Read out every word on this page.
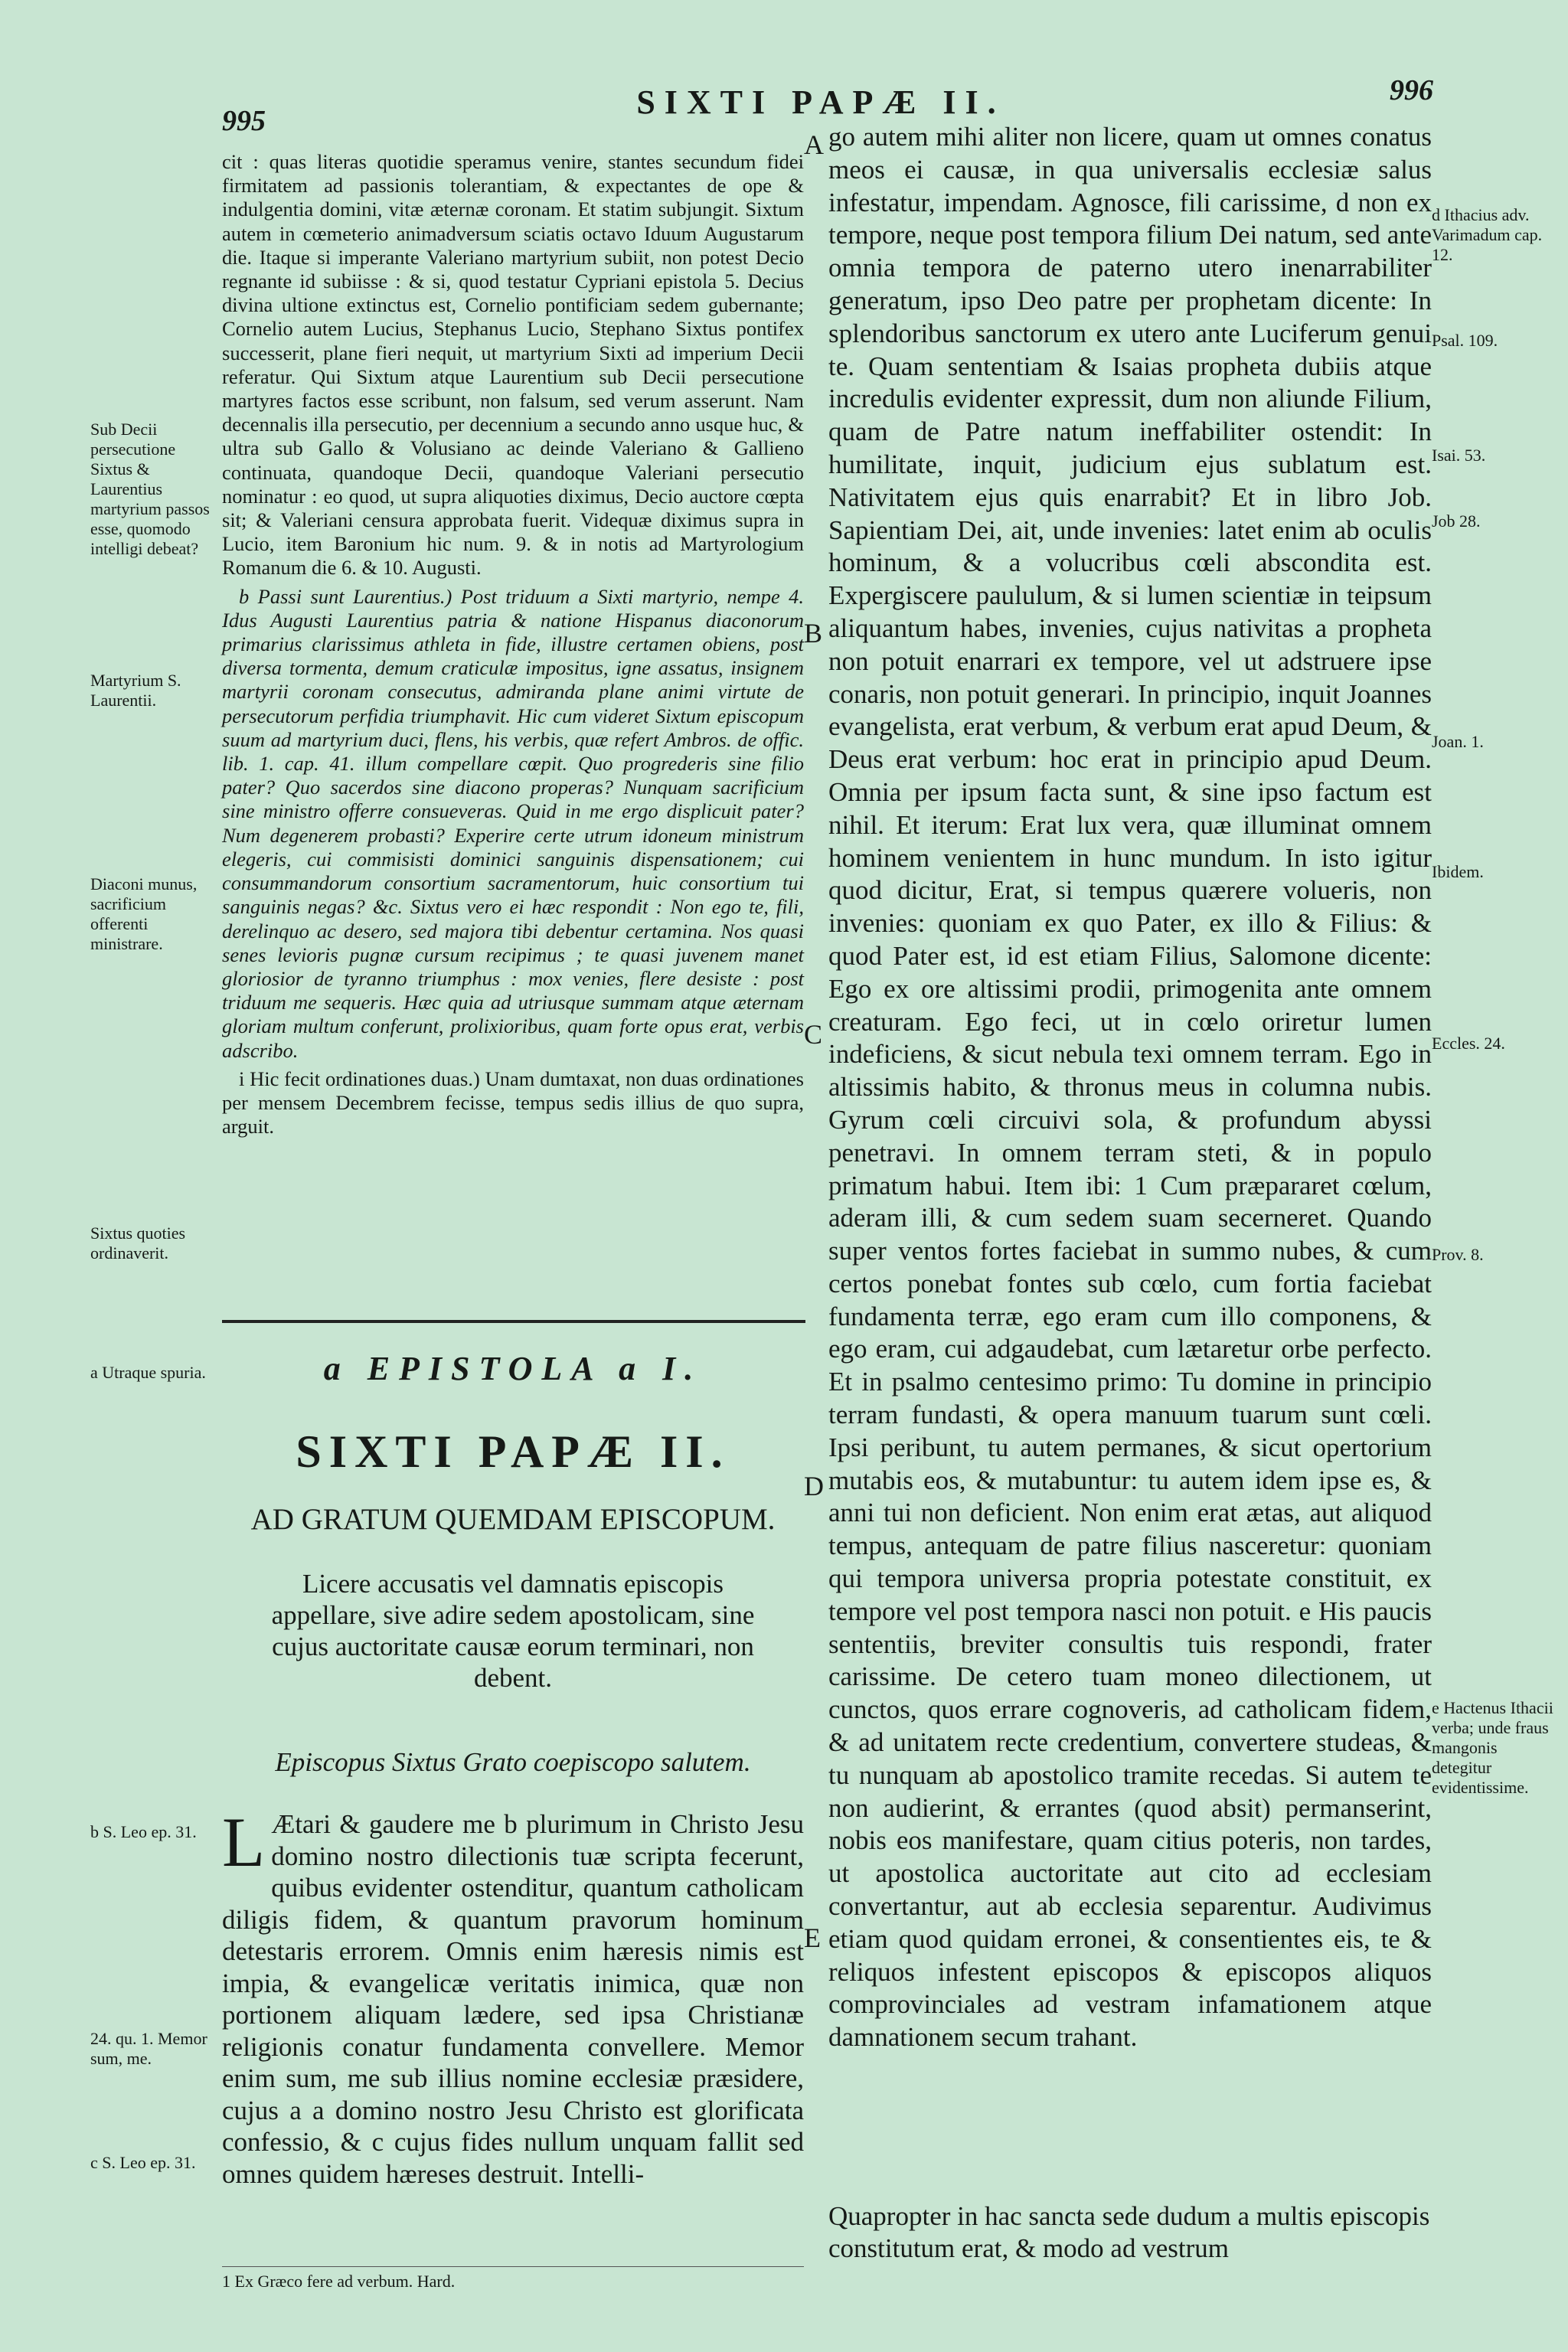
995	SIXTI PAPÆ II.	996

cit : quas literas quotidie speramus venire, stantes secundum fidei firmitatem ad passionis tolerantiam, & expectantes de ope & indulgentia domini, vitæ æternæ coronam. Et statim subjungit. Sixtum autem in cœmeterio animadversum sciatis octavo Iduum Augustarum die. Itaque si imperante Valeriano martyrium subiit, non potest Decio regnante id subiisse : & si, quod testatur Cypriani epistola 5. Decius divina ultione extinctus est, Cornelio pontificiam sedem gubernante; Cornelio autem Lucius, Stephanus Lucio, Stephano Sixtus pontifex successerit, plane fieri nequit, ut martyrium Sixti ad imperium Decii referatur. Qui Sixtum atque Laurentium sub Decii persecutione martyres factos esse scribunt, non falsum, sed verum asserunt. Nam decennalis illa persecutio, per decennium a secundo anno usque huc, & ultra sub Gallo & Volusiano ac deinde Valeriano & Gallieno continuata, quandoque Decii, quandoque Valeriani persecutio nominatur : eo quod, ut supra aliquoties diximus, Decio auctore cœpta sit; & Valeriani censura approbata fuerit. Videquæ diximus supra in Lucio, item Baronium hic num. 9. & in notis ad Martyrologium Romanum die 6. & 10. Augusti.

b Passi sunt Laurentius.) Post triduum a Sixti martyrio, nempe 4. Idus Augusti Laurentius patria & natione Hispanus diaconorum primarius clarissimus athleta in fide, illustre certamen obiens, post diversa tormenta, demum craticulæ impositus, igne assatus, insignem martyrii coronam consecutus, admiranda plane animi virtute de persecutorum perfidia triumphavit. Hic cum videret Sixtum episcopum suum ad martyrium duci, flens, his verbis, quæ refert Ambros. de offic. lib. 1. cap. 41. illum compellare cœpit. Quo progrederis sine filio pater? Quo sacerdos sine diacono properas? Nunquam sacrificium sine ministro offerre consueveras. Quid in me ergo displicuit pater? Num degenerem probasti? Experire certe utrum idoneum ministrum elegeris, cui commisisti dominici sanguinis dispensationem; cui consummandorum consortium sacramentorum, huic consortium tui sanguinis negas? &c. Sixtus vero ei hæc respondit : Non ego te, fili, derelinquo ac desero, sed majora tibi debentur certamina. Nos quasi senes levioris pugnæ cursum recipimus ; te quasi juvenem manet gloriosior de tyranno triumphus : mox venies, flere desiste : post triduum me sequeris. Hæc quia ad utriusque summam atque æternam gloriam multum conferunt, prolixioribus, quam forte opus erat, verbis adscribo.

i Hic fecit ordinationes duas.) Unam dumtaxat, non duas ordinationes per mensem Decembrem fecisse, tempus sedis illius de quo supra, arguit.

Sub Decii persecutione Sixtus & Laurentius martyrium passos esse, quomodo intelligi debeat?
Martyrium S. Laurentii.
Diaconi munus, sacrificium offerenti ministrare.
Sixtus quoties ordinaverit.
a Utraque spuria.
b S. Leo ep. 31.
24. qu. 1. Memor sum, me.
c S. Leo ep. 31.
a EPISTOLA a I.
SIXTI PAPÆ II.
AD GRATUM QUEMDAM EPISCOPUM.
Licere accusatis vel damnatis episcopis appellare, sive adire sedem apostolicam, sine cujus auctoritate causæ eorum terminari, non debent.
Episcopus Sixtus Grato coepiscopo salutem.
L Ætari & gaudere me b plurimum in Christo Jesu domino nostro dilectionis tuæ scripta fecerunt, quibus evidenter ostenditur, quantum catholicam diligis fidem, & quantum pravorum hominum detestaris errorem. Omnis enim hæresis nimis est impia, & evangelicæ veritatis inimica, quæ non portionem aliquam lædere, sed ipsa Christianæ religionis conatur fundamenta convellere. Memor enim sum, me sub illius nomine ecclesiæ præsidere, cujus a a domino nostro Jesu Christo est glorificata confessio, & c cujus fides nullum unquam fallit sed omnes quidem hæreses destruit. Intelli-

A
B
C
D
E

go autem mihi aliter non licere, quam ut omnes conatus meos ei causæ, in qua universalis ecclesiæ salus infestatur, impendam. Agnosce, fili carissime, d non ex tempore, neque post tempora filium Dei natum, sed ante omnia tempora de paterno utero inenarrabiliter generatum, ipso Deo patre per prophetam dicente: In splendoribus sanctorum ex utero ante Luciferum genui te. Quam sententiam & Isaias propheta dubiis atque incredulis evidenter expressit, dum non aliunde Filium, quam de Patre natum ineffabiliter ostendit: In humilitate, inquit, judicium ejus sublatum est. Nativitatem ejus quis enarrabit? Et in libro Job. Sapientiam Dei, ait, unde invenies: latet enim ab oculis hominum, & a volucribus cœli abscondita est. Expergiscere paululum, & si lumen scientiæ in teipsum aliquantum habes, invenies, cujus nativitas a propheta non potuit enarrari ex tempore, vel ut adstruere ipse conaris, non potuit generari. In principio, inquit Joannes evangelista, erat verbum, & verbum erat apud Deum, & Deus erat verbum: hoc erat in principio apud Deum. Omnia per ipsum facta sunt, & sine ipso factum est nihil. Et iterum: Erat lux vera, quæ illuminat omnem hominem venientem in hunc mundum. In isto igitur quod dicitur, Erat, si tempus quærere volueris, non invenies: quoniam ex quo Pater, ex illo & Filius: & quod Pater est, id est etiam Filius, Salomone dicente: Ego ex ore altissimi prodii, primogenita ante omnem creaturam. Ego feci, ut in cœlo oriretur lumen indeficiens, & sicut nebula texi omnem terram. Ego in altissimis habito, & thronus meus in columna nubis. Gyrum cœli circuivi sola, & profundum abyssi penetravi. In omnem terram steti, & in populo primatum habui. Item ibi: 1 Cum præpararet cœlum, aderam illi, & cum sedem suam secerneret. Quando super ventos fortes faciebat in summo nubes, & cum certos ponebat fontes sub cœlo, cum fortia faciebat fundamenta terræ, ego eram cum illo componens, & ego eram, cui adgaudebat, cum lætaretur orbe perfecto. Et in psalmo centesimo primo: Tu domine in principio terram fundasti, & opera manuum tuarum sunt cœli. Ipsi peribunt, tu autem permanes, & sicut opertorium mutabis eos, & mutabuntur: tu autem idem ipse es, & anni tui non deficient. Non enim erat ætas, aut aliquod tempus, antequam de patre filius nasceretur: quoniam qui tempora universa propria potestate constituit, ex tempore vel post tempora nasci non potuit. e His paucis sententiis, breviter consultis tuis respondi, frater carissime. De cetero tuam moneo dilectionem, ut cunctos, quos errare cognoveris, ad catholicam fidem, & ad unitatem recte credentium, convertere studeas, & tu nunquam ab apostolico tramite recedas. Si autem te non audierint, & errantes (quod absit) permanserint, nobis eos manifestare, quam citius poteris, non tardes, ut apostolica auctoritate aut cito ad ecclesiam convertantur, aut ab ecclesia separentur. Audivimus etiam quod quidam erronei, & consentientes eis, te & reliquos infestent episcopos & episcopos aliquos comprovinciales ad vestram infamationem atque damnationem secum trahant.

Quapropter in hac sancta sede dudum a multis episcopis constitutum erat, & modo ad vestrum
d Ithacius adv. Varimadum cap. 12.
Psal. 109.
Isai. 53.
Job 28.
Joan. 1.
Ibidem.
Eccles. 24.
Prov. 8.
e Hactenus Ithacii verba; unde fraus mangonis detegitur evidentissime.
1 Ex Græco fere ad verbum. Hard.
